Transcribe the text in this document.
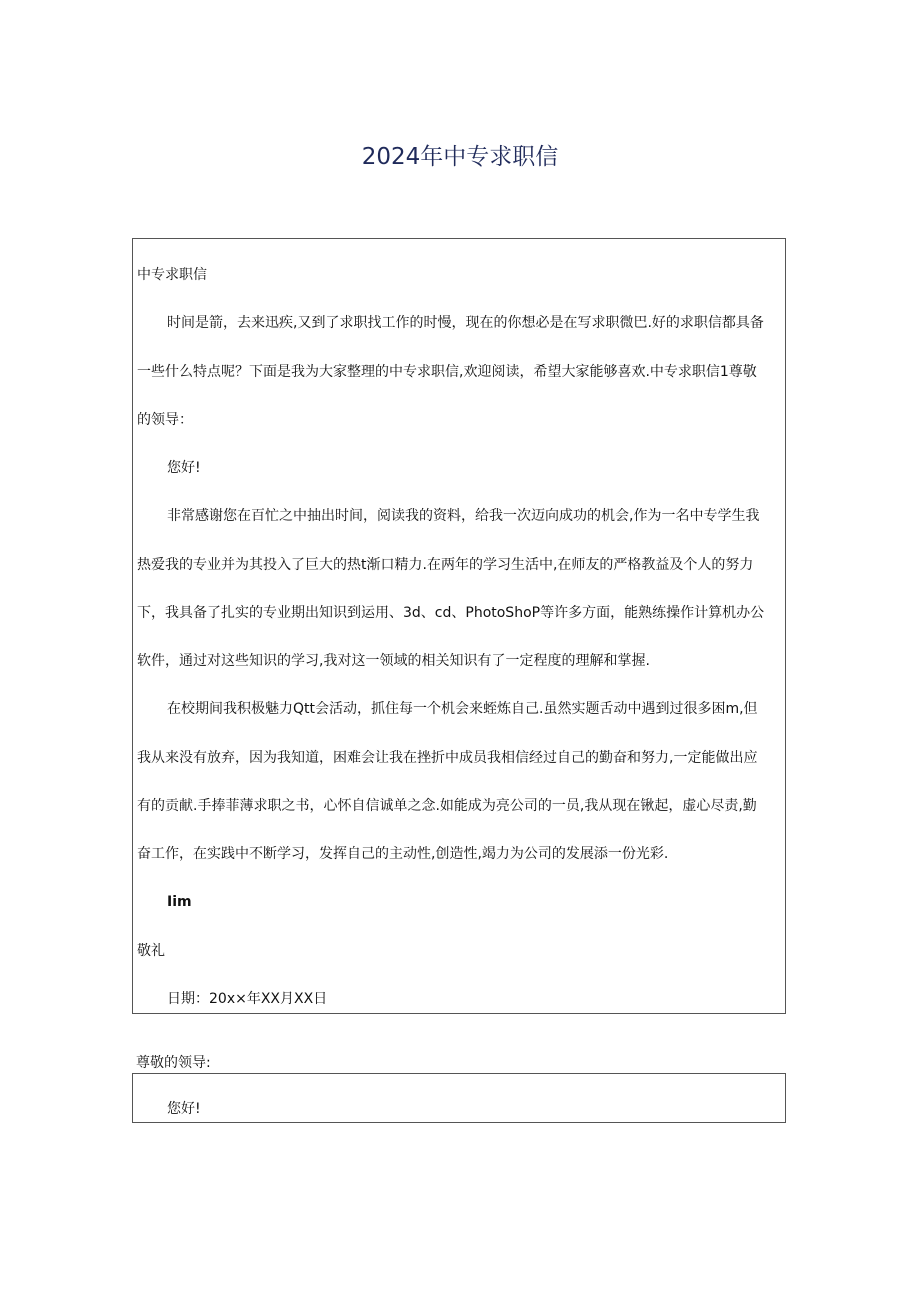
2024年中专求职信
中专求职信
时间是箭，去来迅疾,又到了求职找工作的时慢，现在的你想必是在写求职微巴.好的求职信都具备
一些什么特点呢？下面是我为大家整理的中专求职信,欢迎阅读，希望大家能够喜欢.中专求职信1尊敬
的领导：
您好!
非常感谢您在百忙之中抽出时间，阅读我的资料，给我一次迈向成功的机会,作为一名中专学生我
热爱我的专业并为其投入了巨大的热t渐口精力.在两年的学习生活中,在师友的严格教益及个人的努力
下，我具备了扎实的专业期出知识到运用、3d、cd、PhotoShoP等许多方面，能熟练操作计算机办公
软件，通过对这些知识的学习,我对这一领域的相关知识有了一定程度的理解和掌握.
在校期间我积极魅力Qtt会活动，抓住每一个机会来蛭炼自己.虽然实题舌动中遇到过很多困m,但
我从来没有放弃，因为我知道，困难会让我在挫折中成员我相信经过自己的勤奋和努力,一定能做出应
有的贡献.手捧菲薄求职之书，心怀自信诚单之念.如能成为亮公司的一员,我从现在锹起，虚心尽责,勤
奋工作，在实践中不断学习，发挥自己的主动性,创造性,竭力为公司的发展添一份光彩.
Iim
敬礼
日期：20x×年XX月XX日
尊敬的领导:
您好!
